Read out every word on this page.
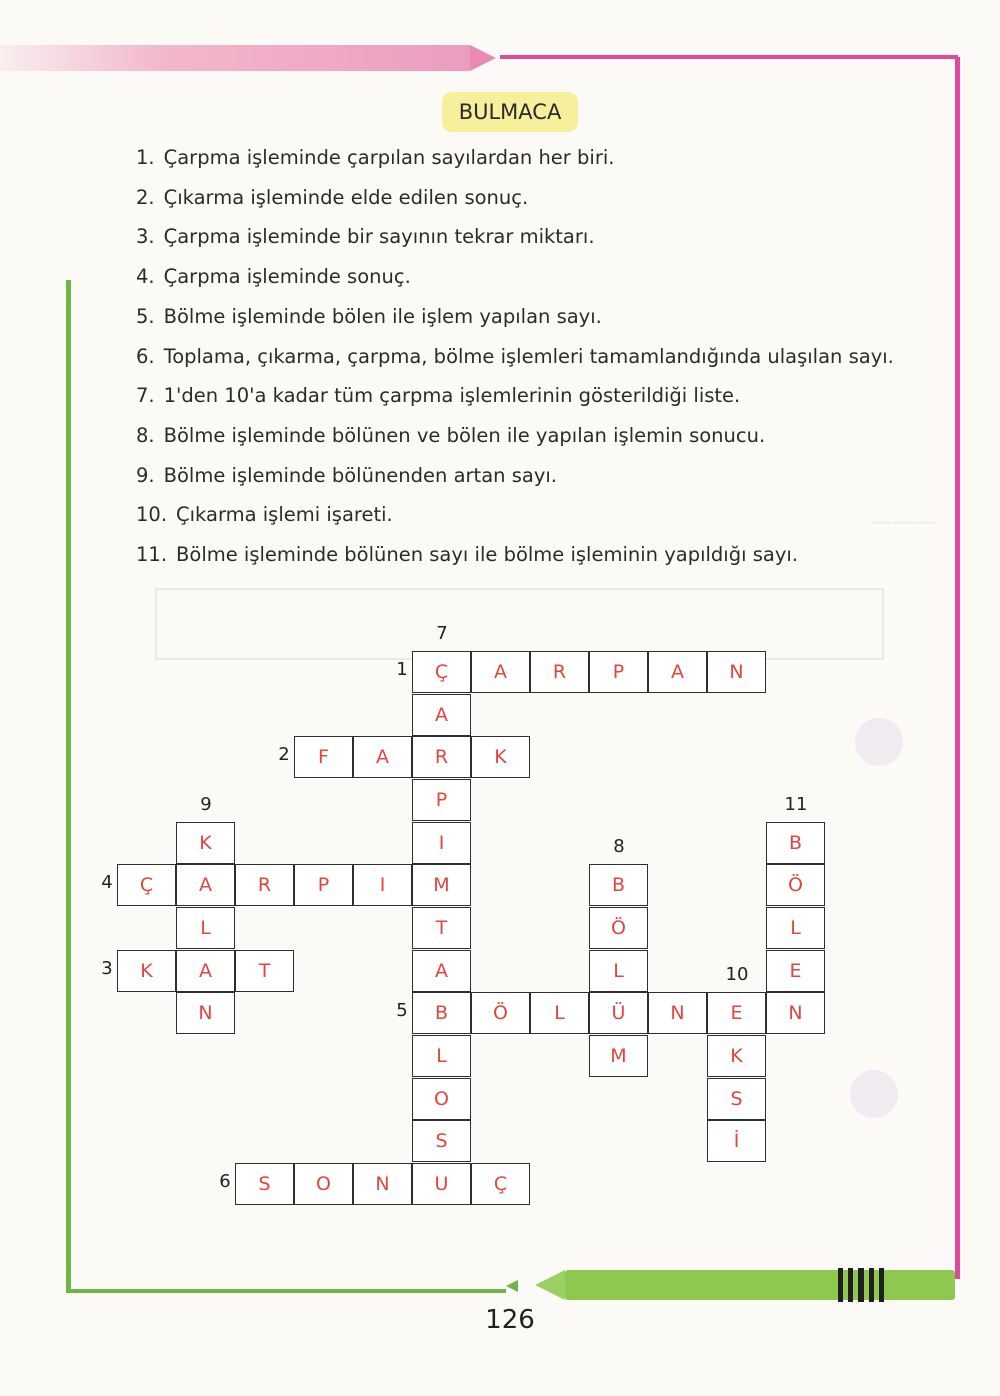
———
BULMACA
1. Çarpma işleminde çarpılan sayılardan her biri.
2. Çıkarma işleminde elde edilen sonuç.
3. Çarpma işleminde bir sayının tekrar miktarı.
4. Çarpma işleminde sonuç.
5. Bölme işleminde bölen ile işlem yapılan sayı.
6. Toplama, çıkarma, çarpma, bölme işlemleri tamamlandığında ulaşılan sayı.
7. 1'den 10'a kadar tüm çarpma işlemlerinin gösterildiği liste.
8. Bölme işleminde bölünen ve bölen ile yapılan işlemin sonucu.
9. Bölme işleminde bölünenden artan sayı.
10. Çıkarma işlemi işareti.
11. Bölme işleminde bölünen sayı ile bölme işleminin yapıldığı sayı.
Ç	A	R	P	A	N
1
F	A	R	K
2
K	A	T
3
Ç	A	R	P	I	M
4
B	Ö	L	Ü	N	E	N
5
S	O	N	U	Ç
6
A
P
I
T
A
L
O
S
7
B
Ö
L
M
8
K
L
N
9
K
S
İ
10
B
Ö
L
E
11
126
